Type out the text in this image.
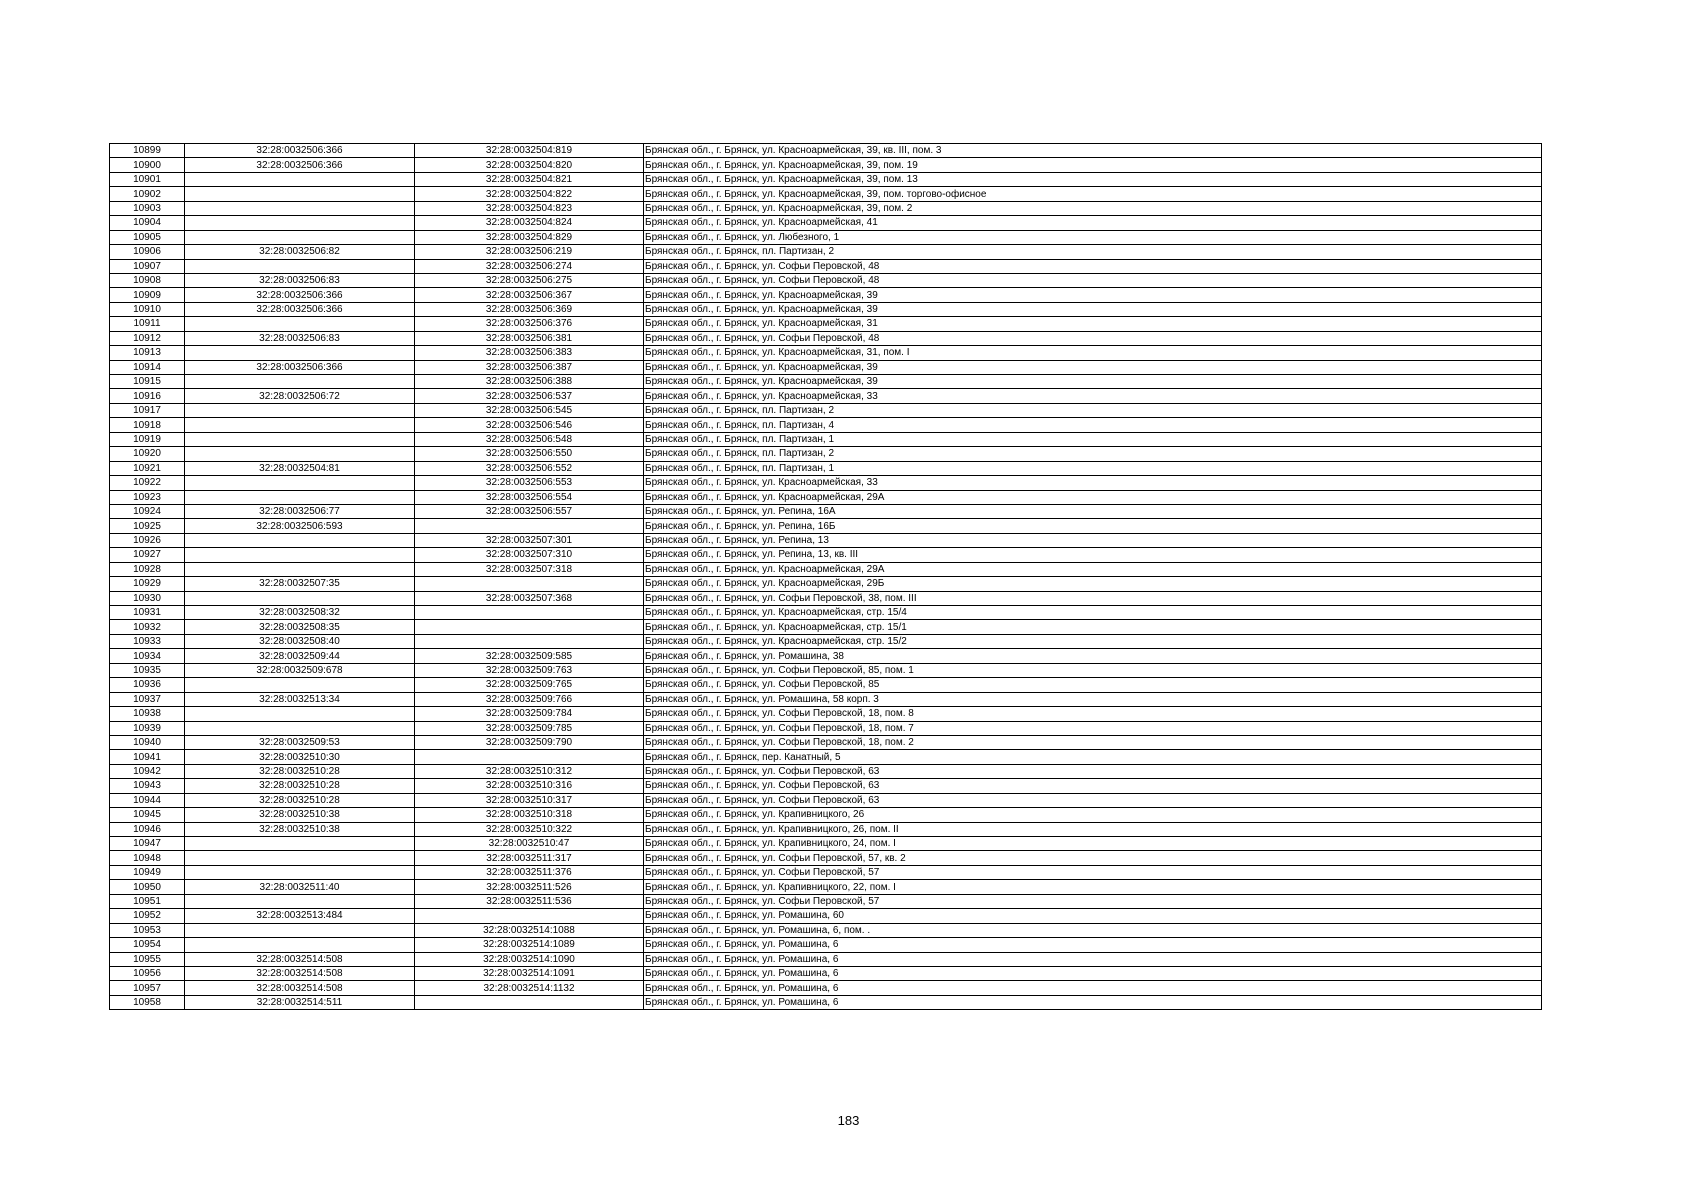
10899	32:28:0032506:366	32:28:0032504:819	Брянская обл., г. Брянск, ул. Красноармейская, 39, кв. III, пом. 3
10900	32:28:0032506:366	32:28:0032504:820	Брянская обл., г. Брянск, ул. Красноармейская, 39, пом. 19
10901		32:28:0032504:821	Брянская обл., г. Брянск, ул. Красноармейская, 39, пом. 13
10902		32:28:0032504:822	Брянская обл., г. Брянск, ул. Красноармейская, 39, пом. торгово-офисное
10903		32:28:0032504:823	Брянская обл., г. Брянск, ул. Красноармейская, 39, пом. 2
10904		32:28:0032504:824	Брянская обл., г. Брянск, ул. Красноармейская, 41
10905		32:28:0032504:829	Брянская обл., г. Брянск, ул. Любезного, 1
10906	32:28:0032506:82	32:28:0032506:219	Брянская обл., г. Брянск, пл. Партизан, 2
10907		32:28:0032506:274	Брянская обл., г. Брянск, ул. Софьи Перовской, 48
10908	32:28:0032506:83	32:28:0032506:275	Брянская обл., г. Брянск, ул. Софьи Перовской, 48
10909	32:28:0032506:366	32:28:0032506:367	Брянская обл., г. Брянск, ул. Красноармейская, 39
10910	32:28:0032506:366	32:28:0032506:369	Брянская обл., г. Брянск, ул. Красноармейская, 39
10911		32:28:0032506:376	Брянская обл., г. Брянск, ул. Красноармейская, 31
10912	32:28:0032506:83	32:28:0032506:381	Брянская обл., г. Брянск, ул. Софьи Перовской, 48
10913		32:28:0032506:383	Брянская обл., г. Брянск, ул. Красноармейская, 31, пом. I
10914	32:28:0032506:366	32:28:0032506:387	Брянская обл., г. Брянск, ул. Красноармейская, 39
10915		32:28:0032506:388	Брянская обл., г. Брянск, ул. Красноармейская, 39
10916	32:28:0032506:72	32:28:0032506:537	Брянская обл., г. Брянск, ул. Красноармейская, 33
10917		32:28:0032506:545	Брянская обл., г. Брянск, пл. Партизан, 2
10918		32:28:0032506:546	Брянская обл., г. Брянск, пл. Партизан, 4
10919		32:28:0032506:548	Брянская обл., г. Брянск, пл. Партизан, 1
10920		32:28:0032506:550	Брянская обл., г. Брянск, пл. Партизан, 2
10921	32:28:0032504:81	32:28:0032506:552	Брянская обл., г. Брянск, пл. Партизан, 1
10922		32:28:0032506:553	Брянская обл., г. Брянск, ул. Красноармейская, 33
10923		32:28:0032506:554	Брянская обл., г. Брянск, ул. Красноармейская, 29А
10924	32:28:0032506:77	32:28:0032506:557	Брянская обл., г. Брянск, ул. Репина, 16А
10925	32:28:0032506:593		Брянская обл., г. Брянск, ул. Репина, 16Б
10926		32:28:0032507:301	Брянская обл., г. Брянск, ул. Репина, 13
10927		32:28:0032507:310	Брянская обл., г. Брянск, ул. Репина, 13, кв. III
10928		32:28:0032507:318	Брянская обл., г. Брянск, ул. Красноармейская, 29А
10929	32:28:0032507:35		Брянская обл., г. Брянск, ул. Красноармейская, 29Б
10930		32:28:0032507:368	Брянская обл., г. Брянск, ул. Софьи Перовской, 38, пом. III
10931	32:28:0032508:32		Брянская обл., г. Брянск, ул. Красноармейская, стр. 15/4
10932	32:28:0032508:35		Брянская обл., г. Брянск, ул. Красноармейская, стр. 15/1
10933	32:28:0032508:40		Брянская обл., г. Брянск, ул. Красноармейская, стр. 15/2
10934	32:28:0032509:44	32:28:0032509:585	Брянская обл., г. Брянск, ул. Ромашина, 38
10935	32:28:0032509:678	32:28:0032509:763	Брянская обл., г. Брянск, ул. Софьи Перовской, 85, пом. 1
10936		32:28:0032509:765	Брянская обл., г. Брянск, ул. Софьи Перовской, 85
10937	32:28:0032513:34	32:28:0032509:766	Брянская обл., г. Брянск, ул. Ромашина, 58 корп. 3
10938		32:28:0032509:784	Брянская обл., г. Брянск, ул. Софьи Перовской, 18, пом. 8
10939		32:28:0032509:785	Брянская обл., г. Брянск, ул. Софьи Перовской, 18, пом. 7
10940	32:28:0032509:53	32:28:0032509:790	Брянская обл., г. Брянск, ул. Софьи Перовской, 18, пом. 2
10941	32:28:0032510:30		Брянская обл., г. Брянск, пер. Канатный, 5
10942	32:28:0032510:28	32:28:0032510:312	Брянская обл., г. Брянск, ул. Софьи Перовской, 63
10943	32:28:0032510:28	32:28:0032510:316	Брянская обл., г. Брянск, ул. Софьи Перовской, 63
10944	32:28:0032510:28	32:28:0032510:317	Брянская обл., г. Брянск, ул. Софьи Перовской, 63
10945	32:28:0032510:38	32:28:0032510:318	Брянская обл., г. Брянск, ул. Крапивницкого, 26
10946	32:28:0032510:38	32:28:0032510:322	Брянская обл., г. Брянск, ул. Крапивницкого, 26, пом. II
10947		32:28:0032510:47	Брянская обл., г. Брянск, ул. Крапивницкого, 24, пом. I
10948		32:28:0032511:317	Брянская обл., г. Брянск, ул. Софьи Перовской, 57, кв. 2
10949		32:28:0032511:376	Брянская обл., г. Брянск, ул. Софьи Перовской, 57
10950	32:28:0032511:40	32:28:0032511:526	Брянская обл., г. Брянск, ул. Крапивницкого, 22, пом. I
10951		32:28:0032511:536	Брянская обл., г. Брянск, ул. Софьи Перовской, 57
10952	32:28:0032513:484		Брянская обл., г. Брянск, ул. Ромашина, 60
10953		32:28:0032514:1088	Брянская обл., г. Брянск, ул. Ромашина, 6, пом. .
10954		32:28:0032514:1089	Брянская обл., г. Брянск, ул. Ромашина, 6
10955	32:28:0032514:508	32:28:0032514:1090	Брянская обл., г. Брянск, ул. Ромашина, 6
10956	32:28:0032514:508	32:28:0032514:1091	Брянская обл., г. Брянск, ул. Ромашина, 6
10957	32:28:0032514:508	32:28:0032514:1132	Брянская обл., г. Брянск, ул. Ромашина, 6
10958	32:28:0032514:511		Брянская обл., г. Брянск, ул. Ромашина, 6
183
